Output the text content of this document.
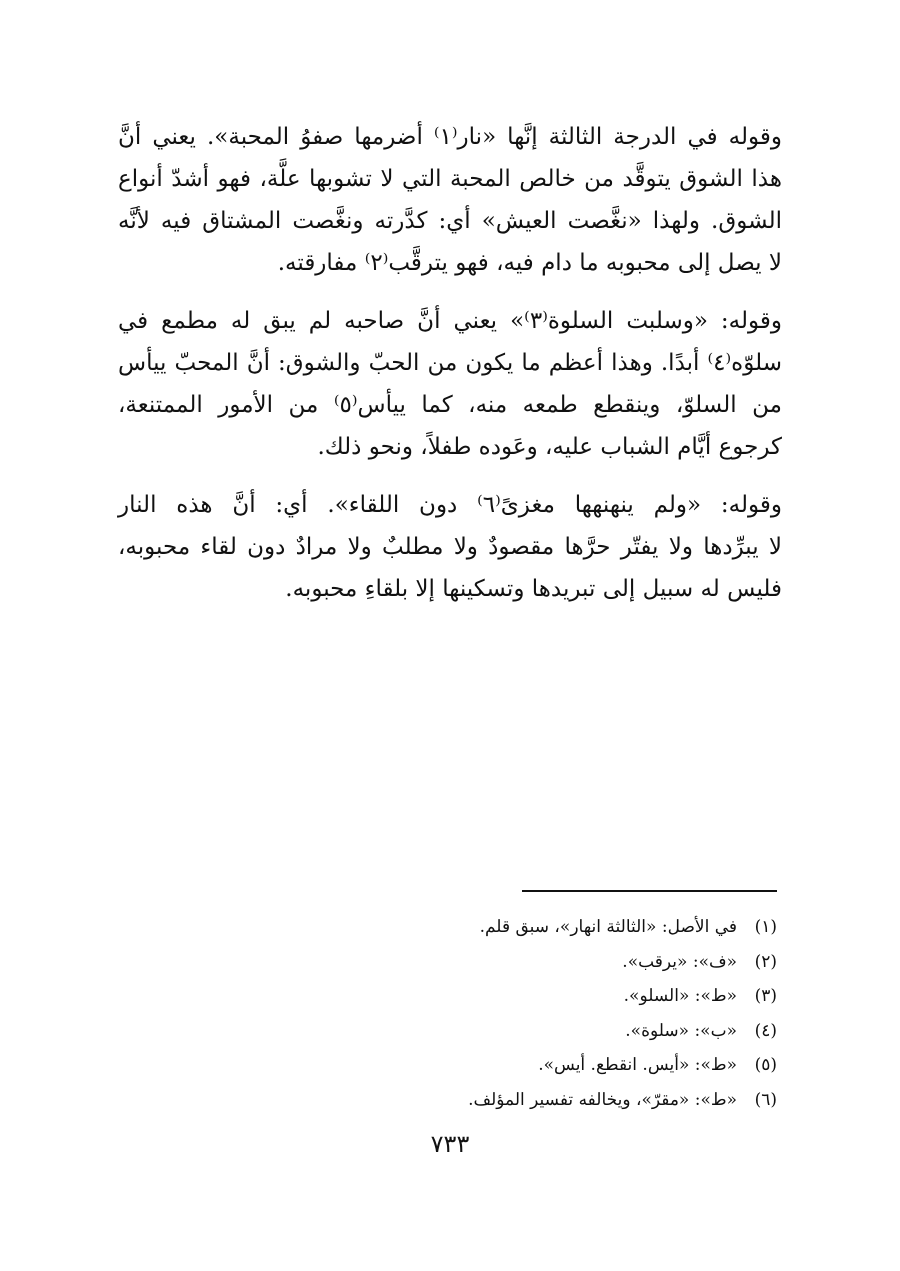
وقوله في الدرجة الثالثة إنَّها «نار⁽١⁾ أضرمها صفوُ المحبة». يعني أنَّ
هذا الشوق يتوقَّد من خالص المحبة التي لا تشوبها علَّة، فهو أشدّ أنواع
الشوق. ولهذا «نغَّصت العيش» أي: كدَّرته ونغَّصت المشتاق فيه لأنَّه
لا يصل إلى محبوبه ما دام فيه، فهو يترقَّب⁽٢⁾ مفارقته.

وقوله: «وسلبت السلوة⁽٣⁾» يعني أنَّ صاحبه لم يبق له مطمع في
سلوّه⁽٤⁾ أبدًا. وهذا أعظم ما يكون من الحبّ والشوق: أنَّ المحبّ ييأس
من السلوّ، وينقطع طمعه منه، كما ييأس⁽٥⁾ من الأمور الممتنعة،
كرجوع أيَّام الشباب عليه، وعَوده طفلاً، ونحو ذلك.

وقوله: «ولم ينهنهها مغزىً⁽٦⁾ دون اللقاء». أي: أنَّ هذه النار
لا يبرِّدها ولا يفتّر حرَّها مقصودٌ ولا مطلبٌ ولا مرادٌ دون لقاء محبوبه،
فليس له سبيل إلى تبريدها وتسكينها إلا بلقاءِ محبوبه.

(١)
في الأصل: «الثالثة انهار»، سبق قلم.
(٢)
«ف»: «يرقب».
(٣)
«ط»: «السلو».
(٤)
«ب»: «سلوة».
(٥)
«ط»: «أيس. انقطع. أيس».
(٦)
«ط»: «مقرّ»، ويخالفه تفسير المؤلف.
٧٣٣
